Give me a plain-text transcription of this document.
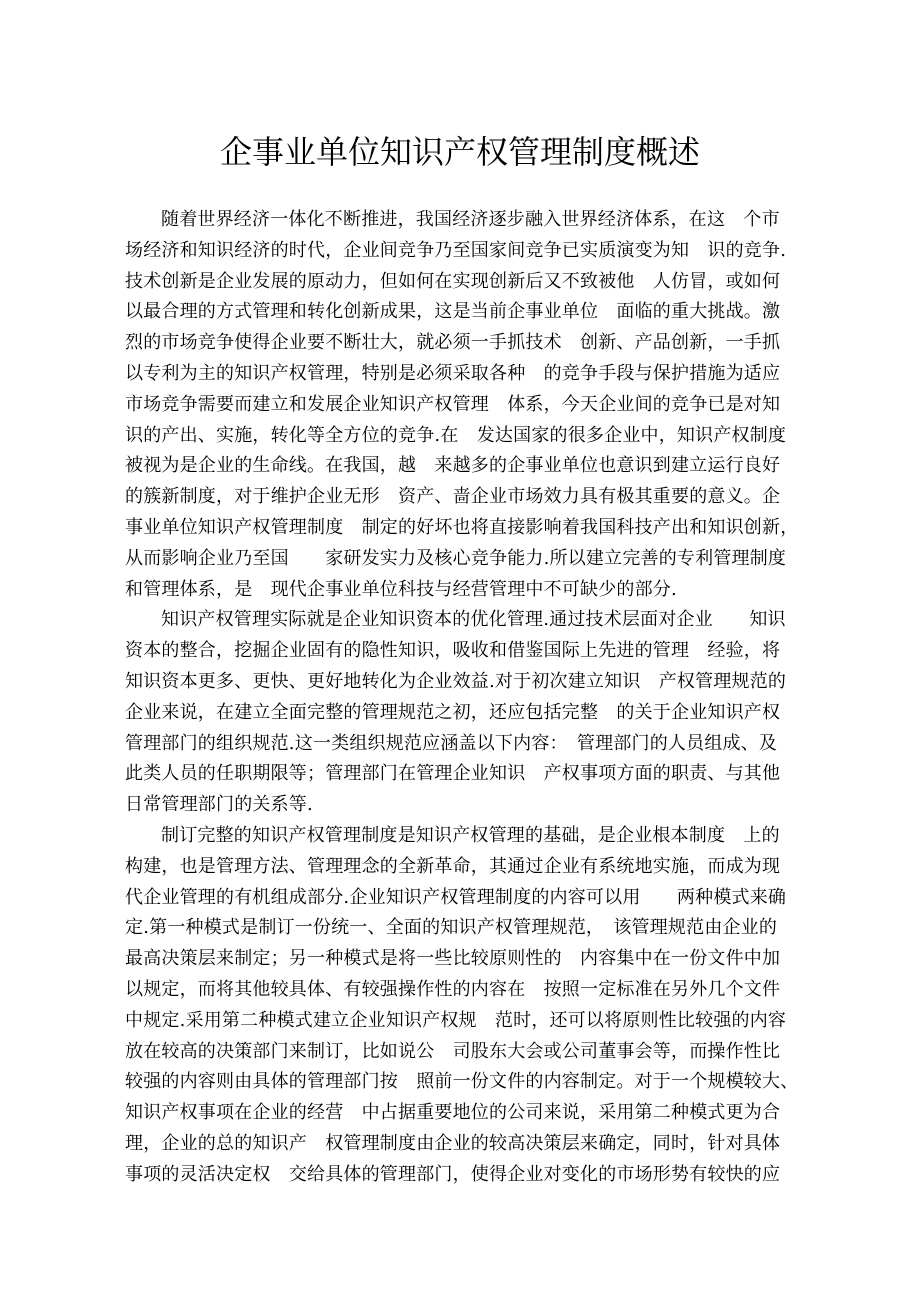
企事业单位知识产权管理制度概述
随着世界经济一体化不断推进，我国经济逐步融入世界经济体系，在这　个市
场经济和知识经济的时代，企业间竞争乃至国家间竞争已实质演变为知　识的竞争.
技术创新是企业发展的原动力，但如何在实现创新后又不致被他　人仿冒，或如何
以最合理的方式管理和转化创新成果，这是当前企事业单位　面临的重大挑战。激
烈的市场竞争使得企业要不断壮大，就必须一手抓技术　创新、产品创新，一手抓
以专利为主的知识产权管理，特别是必须采取各种　的竞争手段与保护措施为适应
市场竞争需要而建立和发展企业知识产权管理　体系，今天企业间的竞争已是对知
识的产出、实施，转化等全方位的竞争.在　发达国家的很多企业中，知识产权制度
被视为是企业的生命线。在我国，越　来越多的企事业单位也意识到建立运行良好
的簇新制度，对于维护企业无形　资产、啬企业市场效力具有极其重要的意义。企
事业单位知识产权管理制度　制定的好坏也将直接影响着我国科技产出和知识创新，
从而影响企业乃至国　　家研发实力及核心竞争能力.所以建立完善的专利管理制度
和管理体系，是　现代企事业单位科技与经营管理中不可缺少的部分.
知识产权管理实际就是企业知识资本的优化管理.通过技术层面对企业　　知识
资本的整合，挖掘企业固有的隐性知识，吸收和借鉴国际上先进的管理　经验，将
知识资本更多、更快、更好地转化为企业效益.对于初次建立知识　产权管理规范的
企业来说，在建立全面完整的管理规范之初，还应包括完整　的关于企业知识产权
管理部门的组织规范.这一类组织规范应涵盖以下内容：　管理部门的人员组成、及
此类人员的任职期限等；管理部门在管理企业知识　产权事项方面的职责、与其他
日常管理部门的关系等.
制订完整的知识产权管理制度是知识产权管理的基础，是企业根本制度　上的
构建，也是管理方法、管理理念的全新革命，其通过企业有系统地实施，而成为现
代企业管理的有机组成部分.企业知识产权管理制度的内容可以用　　两种模式来确
定.第一种模式是制订一份统一、全面的知识产权管理规范，　该管理规范由企业的
最高决策层来制定；另一种模式是将一些比较原则性的　内容集中在一份文件中加
以规定，而将其他较具体、有较强操作性的内容在　按照一定标准在另外几个文件
中规定.采用第二种模式建立企业知识产权规　范时，还可以将原则性比较强的内容
放在较高的决策部门来制订，比如说公　司股东大会或公司董事会等，而操作性比
较强的内容则由具体的管理部门按　照前一份文件的内容制定。对于一个规模较大、
知识产权事项在企业的经营　中占据重要地位的公司来说，采用第二种模式更为合
理，企业的总的知识产　权管理制度由企业的较高决策层来确定，同时，针对具体
事项的灵活决定权　交给具体的管理部门，使得企业对变化的市场形势有较快的应
